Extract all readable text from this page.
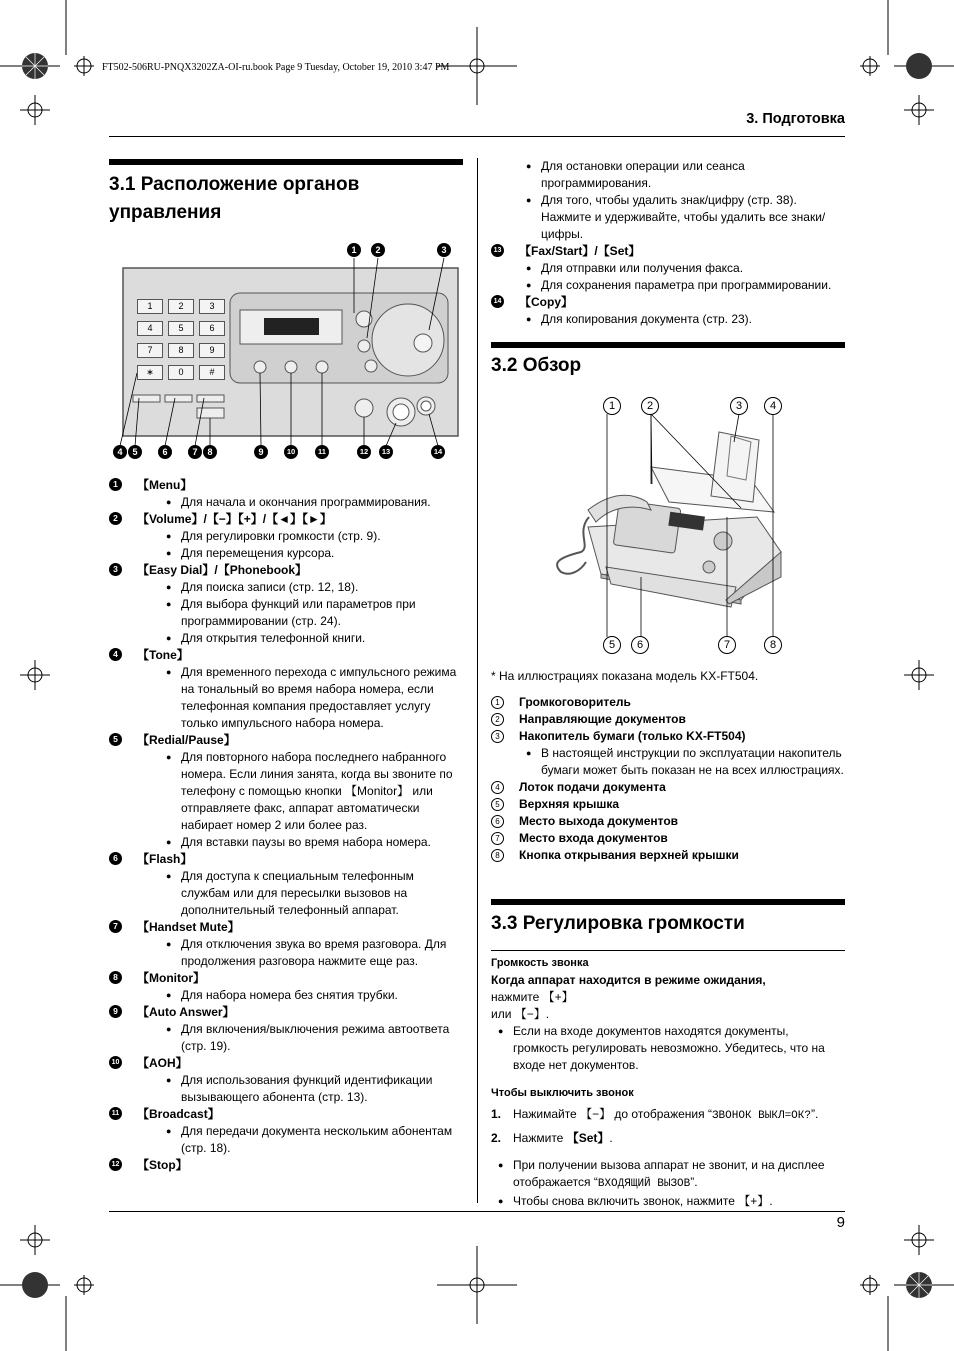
FT502-506RU-PNQX3202ZA-OI-ru.book Page 9 Tuesday, October 19, 2010 3:47 PM
3. Подготовка
9
3.1 Расположение органов
управления
1	2	3
4	5	6
7	8	9
∗	0	#
1	2	3
4	5	6	7	8	9	10	11	12	13	14
1	【Menu】
● Для начала и окончания программирования.
2	【Volume】/【−】【+】/【◄】【►】
● Для регулировки громкости (стр. 9).
● Для перемещения курсора.
3	【Easy Dial】/【Phonebook】
● Для поиска записи (стр. 12, 18).
● Для выбора функций или параметров при программировании (стр. 24).
● Для открытия телефонной книги.
4	【Tone】
● Для временного перехода с импульсного режима на тональный во время набора номера, если телефонная компания предоставляет услугу только импульсного набора номера.
5	【Redial/Pause】
● Для повторного набора последнего набранного номера. Если линия занята, когда вы звоните по телефону с помощью кнопки 【Monitor】 или отправляете факс, аппарат автоматически набирает номер 2 или более раз.
● Для вставки паузы во время набора номера.
6	【Flash】
● Для доступа к специальным телефонным службам или для пересылки вызовов на дополнительный телефонный аппарат.
7	【Handset Mute】
● Для отключения звука во время разговора. Для продолжения разговора нажмите еще раз.
8	【Monitor】
● Для набора номера без снятия трубки.
9	【Auto Answer】
● Для включения/выключения режима автоответа (стр. 19).
10 【AOH】
● Для использования функций идентификации вызывающего абонента (стр. 13).
11 【Broadcast】
● Для передачи документа нескольким абонентам (стр. 18).
12 【Stop】
● Для остановки операции или сеанса программирования.
● Для того, чтобы удалить знак/цифру (стр. 38). Нажмите и удерживайте, чтобы удалить все знаки/цифры.
13 【Fax/Start】/【Set】
● Для отправки или получения факса.
● Для сохранения параметра при программировании.
14 【Copy】
● Для копирования документа (стр. 23).
3.2 Обзор
1	2	3	4
5	6	7	8
* На иллюстрациях показана модель KX-FT504.
1	Громкоговоритель
2	Направляющие документов
3	Накопитель бумаги (только KX-FT504)
● В настоящей инструкции по эксплуатации накопитель бумаги может быть показан не на всех иллюстрациях.
4	Лоток подачи документа
5	Верхняя крышка
6	Место выхода документов
7	Место входа документов
8	Кнопка открывания верхней крышки
3.3 Регулировка громкости
Громкость звонка
Когда аппарат находится в режиме ожидания, нажмите 【+】
или 【−】.
● Если на входе документов находятся документы, громкость регулировать невозможно. Убедитесь, что на входе нет документов.
Чтобы выключить звонок
1. Нажимайте 【−】 до отображения “ЗВОНОК ВЫКЛ=ОК?”.
2. Нажмите 【Set】.
● При получении вызова аппарат не звонит, и на дисплее отображается “ВХОДЯЩИЙ ВЫЗОВ”.
● Чтобы снова включить звонок, нажмите 【+】.
